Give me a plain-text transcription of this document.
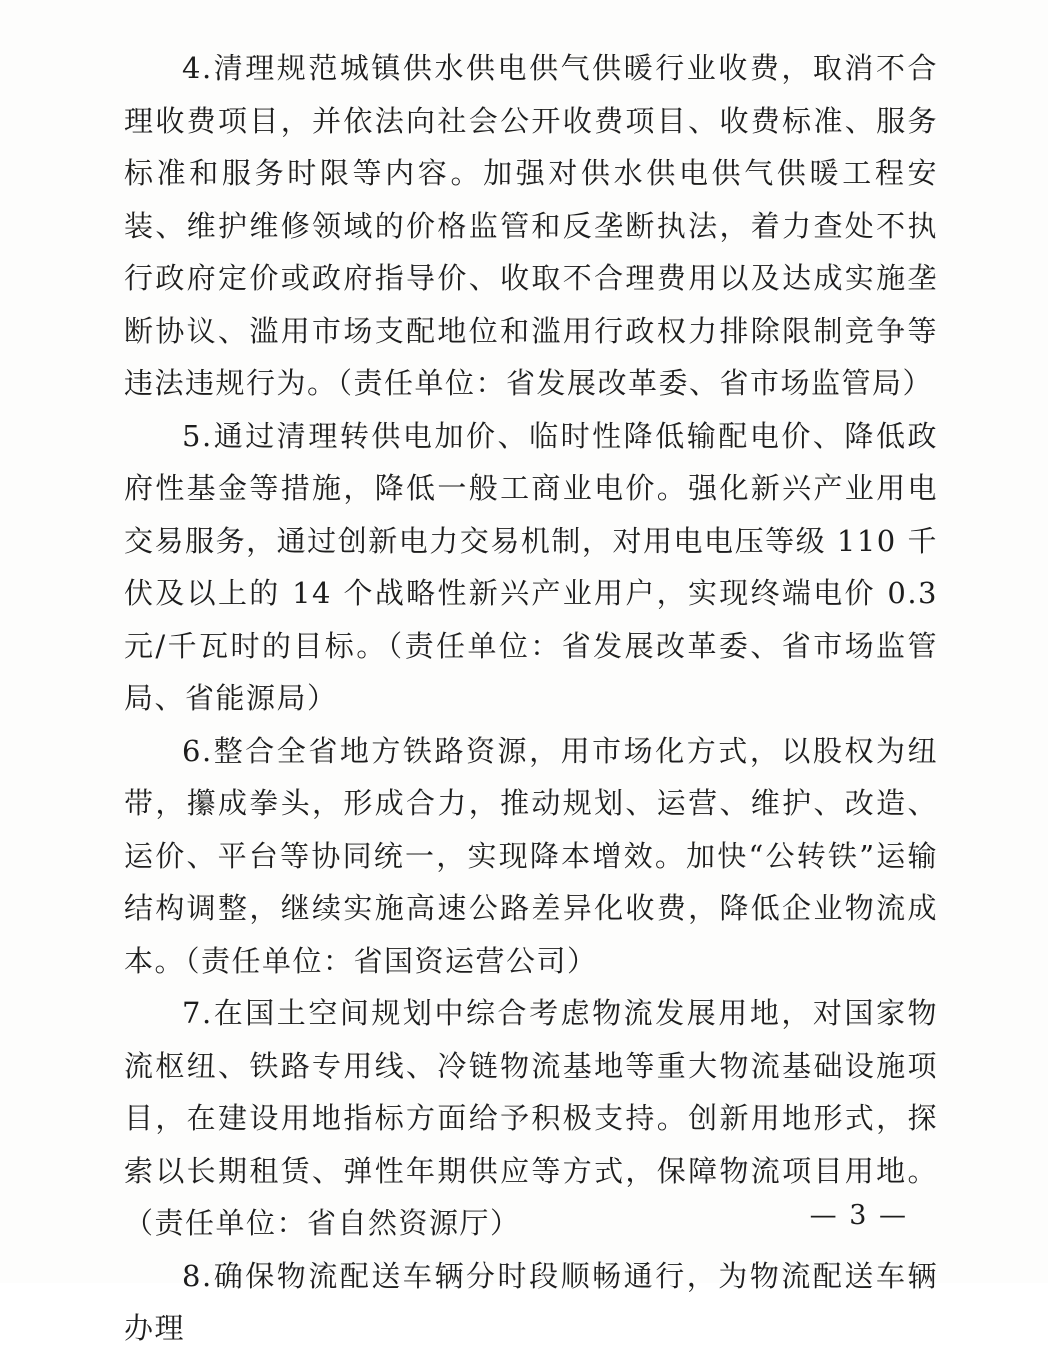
4.清理规范城镇供水供电供气供暖行业收费，取消不合理收费项目，并依法向社会公开收费项目、收费标准、服务标准和服务时限等内容。加强对供水供电供气供暖工程安装、维护维修领域的价格监管和反垄断执法，着力查处不执行政府定价或政府指导价、收取不合理费用以及达成实施垄断协议、滥用市场支配地位和滥用行政权力排除限制竞争等违法违规行为。（责任单位：省发展改革委、省市场监管局）

5.通过清理转供电加价、临时性降低输配电价、降低政府性基金等措施，降低一般工商业电价。强化新兴产业用电交易服务，通过创新电力交易机制，对用电电压等级 110 千伏及以上的 14 个战略性新兴产业用户，实现终端电价 0.3 元/千瓦时的目标。（责任单位：省发展改革委、省市场监管局、省能源局）

6.整合全省地方铁路资源，用市场化方式，以股权为纽带，攥成拳头，形成合力，推动规划、运营、维护、改造、运价、平台等协同统一，实现降本增效。加快“公转铁”运输结构调整，继续实施高速公路差异化收费，降低企业物流成本。（责任单位：省国资运营公司）

7.在国土空间规划中综合考虑物流发展用地，对国家物流枢纽、铁路专用线、冷链物流基地等重大物流基础设施项目，在建设用地指标方面给予积极支持。创新用地形式，探索以长期租赁、弹性年期供应等方式，保障物流项目用地。（责任单位：省自然资源厅）

8.确保物流配送车辆分时段顺畅通行，为物流配送车辆办理

— 3 —
